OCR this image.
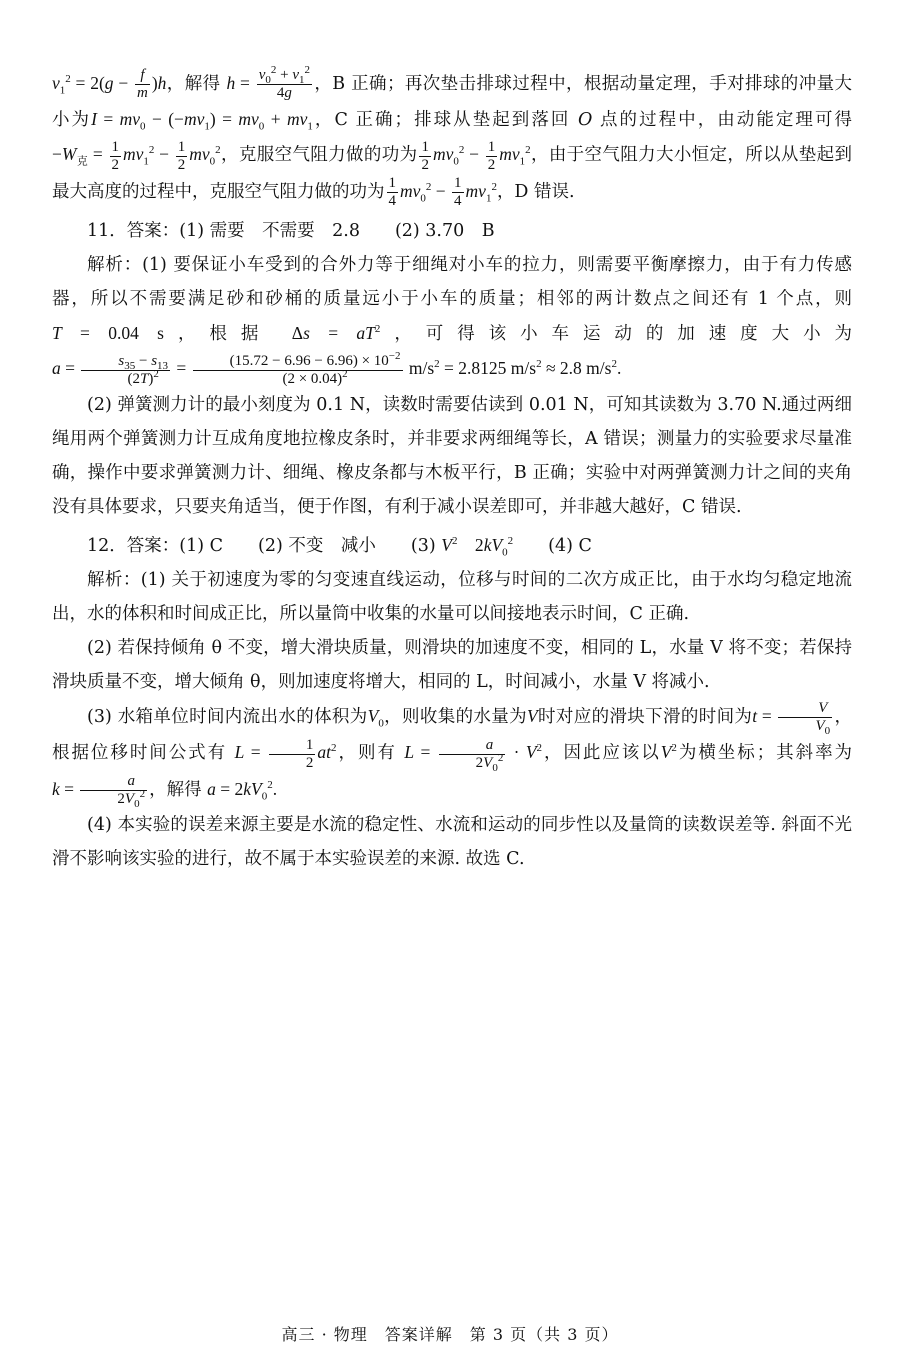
$v_1^2 = 2(g - \frac{f}{m} )h$，解得 $h = \frac{v_0^2 + v_1^2}{4g}$ ，B 正确；再次垫击排球过程中，根据动量定理，手对排球的冲量大小为$I = mv_0 - (-mv_1) = mv_0 + mv_1$，C 正确；排球从垫起到落回 O 点的过程中，由动能定理可得 $-W_克 = \frac{1}{2} mv_1^2 - \frac{1}{2} mv_0^2$，克服空气阻力做的功为 $\frac{1}{2} mv_0^2 - \frac{1}{2} mv_1^2$，由于空气阻力大小恒定，所以从垫起到最大高度的过程中，克服空气阻力做的功为 $\frac{1}{4} mv_0^2 - \frac{1}{4} mv_1^2$，D 错误.

11．答案：(1) 需要　不需要　2.8　　(2) 3.70　B

解析：(1) 要保证小车受到的合外力等于细绳对小车的拉力，则需要平衡摩擦力，由于有力传感器，所以不需要满足砂和砂桶的质量远小于小车的质量；相邻的两计数点之间还有 1 个点，则 T = 0.04 s，根据 $\Delta s = aT^2$，可得该小车运动的加速度大小为 $a = \frac{s_{35} - s_{13}}{(2T)^2} = \frac{(15.72 - 6.96 - 6.96) \times 10^{-2}}{(2 \times 0.04)^2} m/s^2 = 2.8125$ $m/s^2 \approx 2.8$ $m/s^2$.

(2) 弹簧测力计的最小刻度为 0.1 N，读数时需要估读到 0.01 N，可知其读数为 3.70 N.通过两细绳用两个弹簧测力计互成角度地拉橡皮条时，并非要求两细绳等长，A 错误；测量力的实验要求尽量准确，操作中要求弹簧测力计、细绳、橡皮条都与木板平行，B 正确；实验中对两弹簧测力计之间的夹角没有具体要求，只要夹角适当，便于作图，有利于减小误差即可，并非越大越好，C 错误.

12．答案：(1) C　　(2) 不变　减小　　(3) $V^2$　$2kV_0^2$　　 (4) C

解析：(1) 关于初速度为零的匀变速直线运动，位移与时间的二次方成正比，由于水均匀稳定地流出，水的体积和时间成正比，所以量筒中收集的水量可以间接地表示时间，C 正确.

(2) 若保持倾角 θ 不变，增大滑块质量，则滑块的加速度不变，相同的 L，水量 V 将不变；若保持滑块质量不变，增大倾角 θ，则加速度将增大，相同的 L，时间减小，水量 V 将减小.

(3) 水箱单位时间内流出水的体积为$V_0$，则收集的水量为V时对应的滑块下滑的时间为$t = \frac{V}{V_0}$ ，根据位移时间公式有 $L = \frac{1}{2} at^2$，则有 $L = \frac{a}{2V_0^2} \cdot V^2$，因此应该以$V^2$为横坐标；其斜率为 $k = \frac{a}{2V_0^2}$ ，解得 $a = 2kV_0^2$.

(4) 本实验的误差来源主要是水流的稳定性、水流和运动的同步性以及量筒的读数误差等. 斜面不光滑不影响该实验的进行，故不属于本实验误差的来源. 故选 C.

高三 · 物理　答案详解　第 3 页（共 3 页）
